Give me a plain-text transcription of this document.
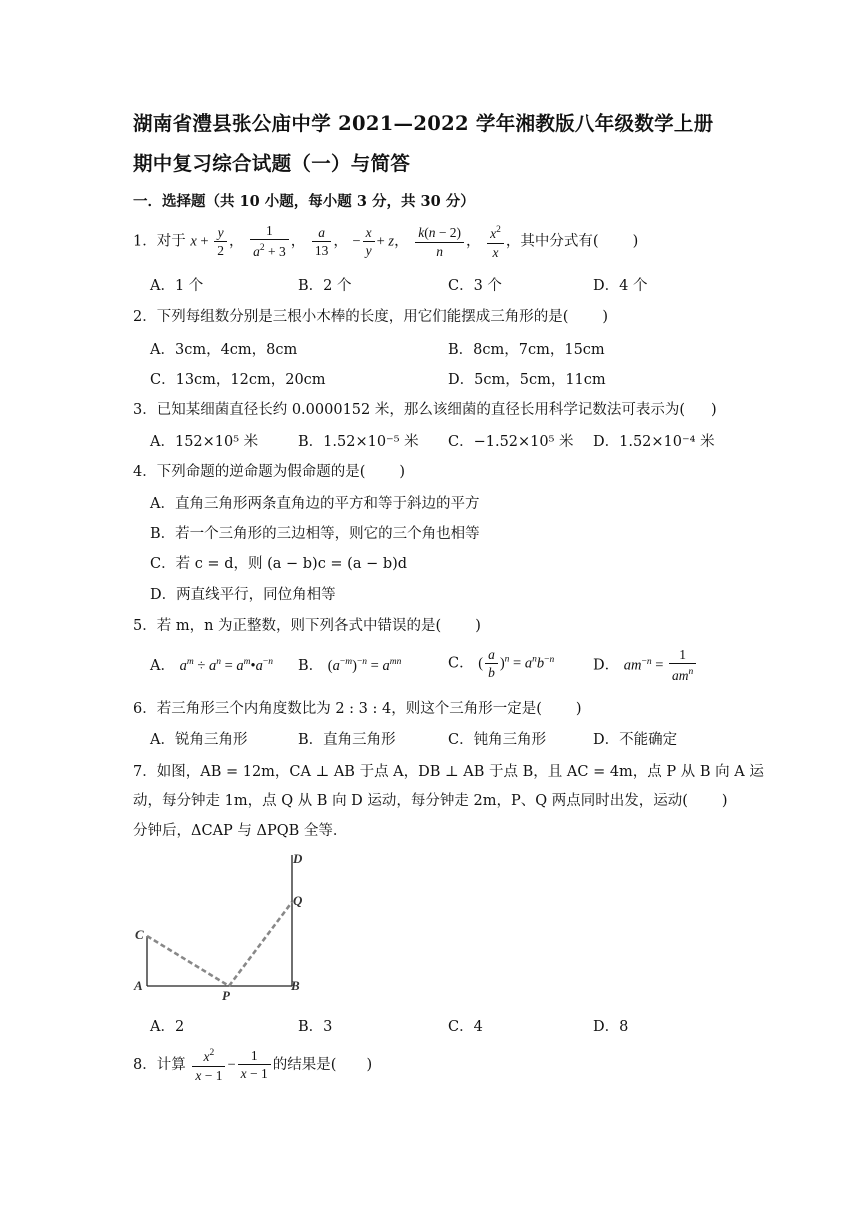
湖南省澧县张公庙中学 2021—2022 学年湘教版八年级数学上册
期中复习综合试题（一）与简答
一．选择题（共 10 小题，每小题 3 分，共 30 分）
1．对于 $x + \frac{y}{2}$ ， $\frac{1}{a^2 + 3}$ ， $\frac{a}{13}$ ， − $\frac{x}{y} + z$， $\frac{k(n - 2)}{n}$ ， $\frac{x^2}{x}$ ，其中分式有( )
A．1 个	B．2 个	C．3 个	D．4 个
2．下列每组数分别是三根小木棒的长度，用它们能摆成三角形的是( )
A．3cm，4cm，8cm	B．8cm，7cm，15cm
C．13cm，12cm，20cm	D．5cm，5cm，11cm
3．已知某细菌直径长约 0.0000152 米，那么该细菌的直径长用科学记数法可表示为( )
A．152×10⁵ 米	B．1.52×10⁻⁵ 米 C．−1.52×10⁵ 米 D．1.52×10⁻⁴ 米
4．下列命题的逆命题为假命题的是( )
A．直角三角形两条直角边的平方和等于斜边的平方
B．若一个三角形的三边相等，则它的三个角也相等
C．若 c = d，则 (a − b)c = (a − b)d
D．两直线平行，同位角相等
5．若 m，n 为正整数，则下列各式中错误的是( )
A． $a^m \div a^n$ = $a^m•a^{-n}$ B． $(a^{-m})^{-n} = a^{mn}$	C． ( $\frac{a}{b} )^n = a^nb^{-n}$	D． $am^{-n} = \frac{1}{am^n}$
6．若三角形三个内角度数比为 2 : 3 : 4，则这个三角形一定是( )
A．锐角三角形	B．直角三角形	C．钝角三角形	D．不能确定
7．如图，AB = 12m，CA ⊥ AB 于点 A，DB ⊥ AB 于点 B，且 AC = 4m，点 P 从 B 向 A 运
动，每分钟走 1m，点 Q 从 B 向 D 运动，每分钟走 2m，P、Q 两点同时出发，运动( )
分钟后，ΔCAP 与 ΔPQB 全等．
D
Q
C
A
P
B
A．2	B．3	C．4	D．8
8．计算 $\frac{x^2}{x - 1} - \frac{1}{x - 1}$ 的结果是( )
